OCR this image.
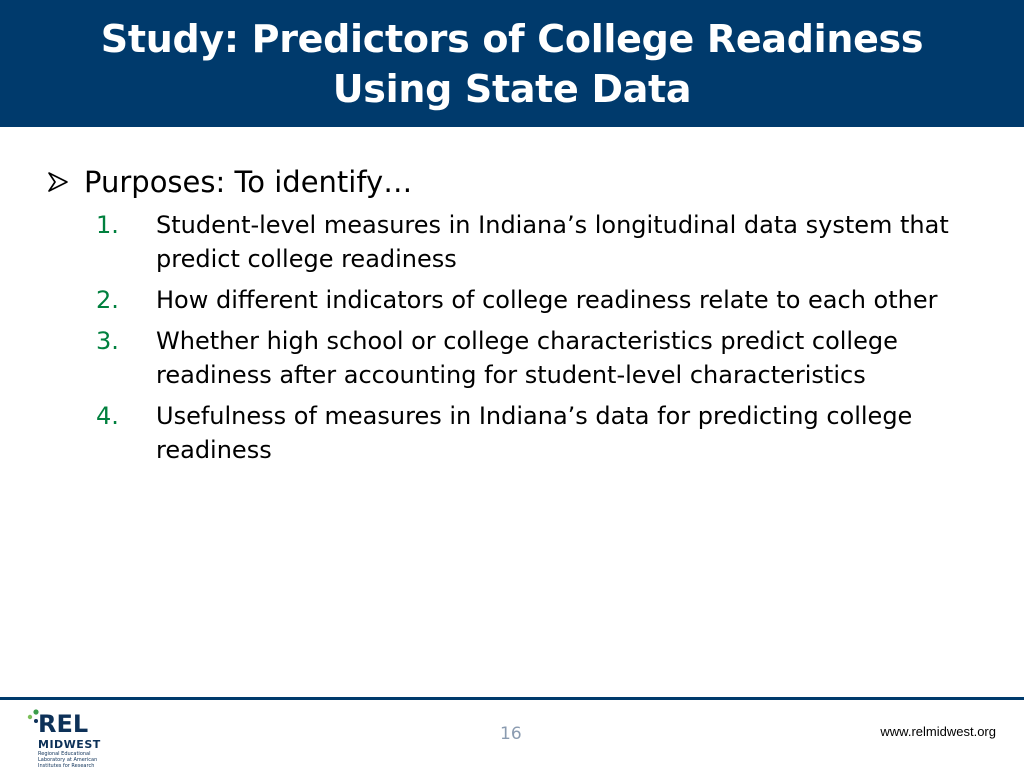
Study: Predictors of College Readiness
Using State Data
Purposes: To identify…
1.	Student-level measures in Indiana’s longitudinal data system that predict college readiness
2.	How different indicators of college readiness relate to each other
3.	Whether high school or college characteristics predict college readiness after accounting for student-level characteristics
4.	Usefulness of measures in Indiana’s data for predicting college readiness
REL
MIDWEST
Regional Educational Laboratory at American Institutes for Research
16	www.relmidwest.org
